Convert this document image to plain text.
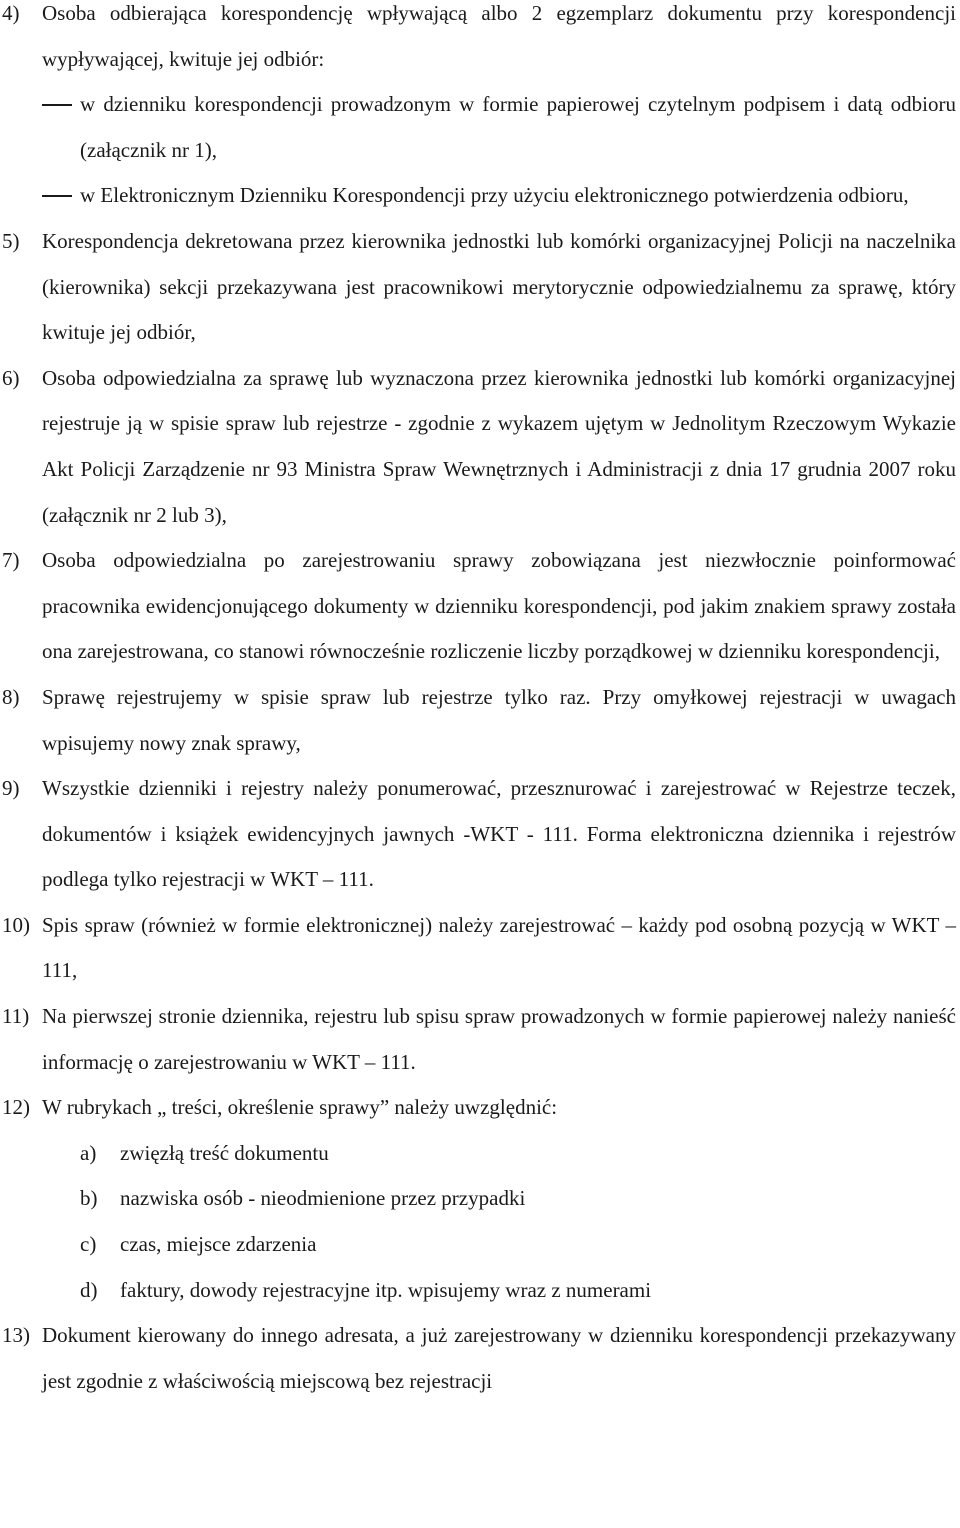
4) Osoba odbierająca korespondencję wpływającą albo 2 egzemplarz dokumentu przy korespondencji wypływającej, kwituje jej odbiór:
w dzienniku korespondencji prowadzonym w formie papierowej czytelnym podpisem i datą odbioru (załącznik nr 1),
w Elektronicznym Dzienniku Korespondencji przy użyciu elektronicznego potwierdzenia odbioru,
5) Korespondencja dekretowana przez kierownika jednostki lub komórki organizacyjnej Policji na naczelnika (kierownika) sekcji przekazywana jest pracownikowi merytorycznie odpowiedzialnemu za sprawę, który kwituje jej odbiór,
6) Osoba odpowiedzialna za sprawę lub wyznaczona przez kierownika jednostki lub komórki organizacyjnej rejestruje ją w spisie spraw lub rejestrze - zgodnie z wykazem ujętym w Jednolitym Rzeczowym Wykazie Akt Policji Zarządzenie nr 93 Ministra Spraw Wewnętrznych i Administracji z dnia 17 grudnia 2007 roku (załącznik nr 2 lub 3),
7) Osoba odpowiedzialna po zarejestrowaniu sprawy zobowiązana jest niezwłocznie poinformować pracownika ewidencjonującego dokumenty w dzienniku korespondencji, pod jakim znakiem sprawy została ona zarejestrowana, co stanowi równocześnie rozliczenie liczby porządkowej w dzienniku korespondencji,
8) Sprawę rejestrujemy w spisie spraw lub rejestrze tylko raz. Przy omyłkowej rejestracji w uwagach wpisujemy nowy znak sprawy,
9) Wszystkie dzienniki i rejestry należy ponumerować, przesznurować i zarejestrować w Rejestrze teczek, dokumentów i książek ewidencyjnych jawnych -WKT - 111. Forma elektroniczna dziennika i rejestrów podlega tylko rejestracji w WKT – 111.
10) Spis spraw (również w formie elektronicznej) należy zarejestrować – każdy pod osobną pozycją w WKT – 111,
11) Na pierwszej stronie dziennika, rejestru lub spisu spraw prowadzonych w formie papierowej należy nanieść informację o zarejestrowaniu w WKT – 111.
12) W rubrykach „ treści, określenie sprawy” należy uwzględnić:
a) zwięzłą treść dokumentu
b) nazwiska osób - nieodmienione przez przypadki
c) czas, miejsce zdarzenia
d) faktury, dowody rejestracyjne itp. wpisujemy wraz z numerami
13) Dokument kierowany do innego adresata, a już zarejestrowany w dzienniku korespondencji przekazywany jest zgodnie z właściwością miejscową bez rejestracji
